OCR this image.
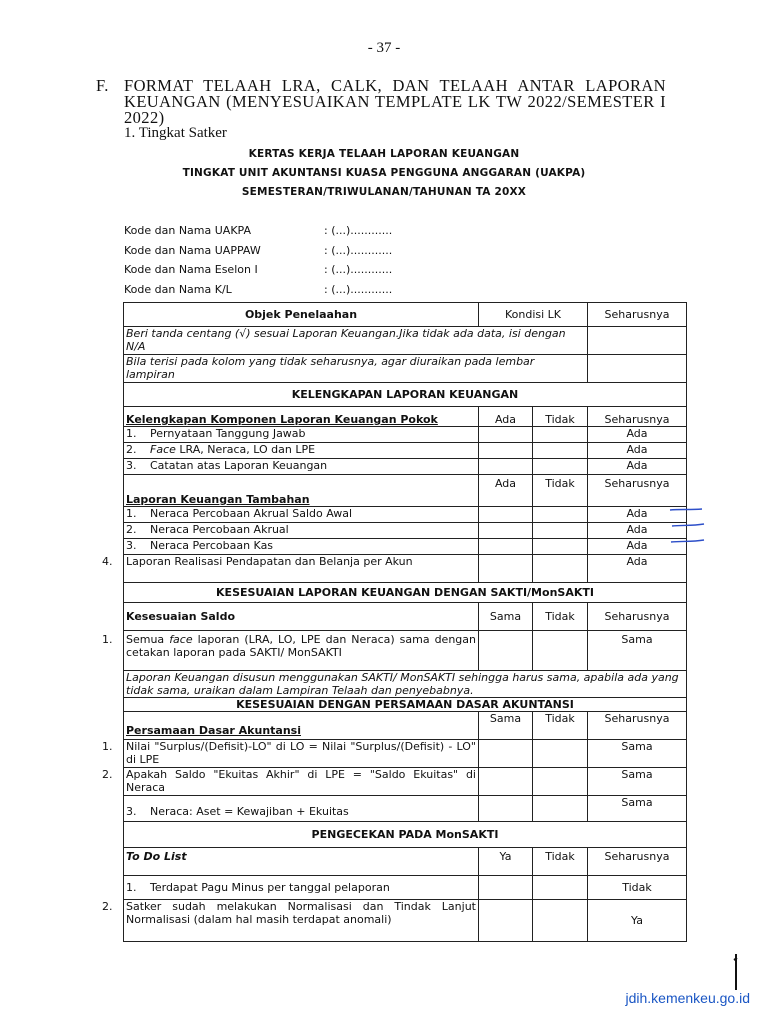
- 37 -
F. FORMAT TELAAH LRA, CALK, DAN TELAAH ANTAR LAPORAN
KEUANGAN (MENYESUAIKAN TEMPLATE LK TW 2022/SEMESTER I
2022)
1. Tingkat Satker
KERTAS KERJA TELAAH LAPORAN KEUANGAN
TINGKAT UNIT AKUNTANSI KUASA PENGGUNA ANGGARAN (UAKPA)
SEMESTERAN/TRIWULANAN/TAHUNAN TA 20XX
Kode dan Nama UAKPA	: (...)............
Kode dan Nama UAPPAW	: (...)............
Kode dan Nama Eselon I	: (...)............
Kode dan Nama K/L	: (...)............
Objek Penelaahan	Kondisi LK		Seharusnya
Beri tanda centang (√) sesuai Laporan Keuangan.Jika tidak ada data, isi dengan N/A			
Bila terisi pada kolom yang tidak seharusnya, agar diuraikan pada lembar lampiran			
KELENGKAPAN LAPORAN KEUANGAN			
Kelengkapan Komponen Laporan Keuangan Pokok	Ada	Tidak	Seharusnya
1. Pernyataan Tanggung Jawab			Ada
2. Face LRA, Neraca, LO dan LPE			Ada
3. Catatan atas Laporan Keuangan			Ada
Laporan Keuangan Tambahan	Ada	Tidak	Seharusnya
1. Neraca Percobaan Akrual Saldo Awal			Ada
2. Neraca Percobaan Akrual			Ada
3. Neraca Percobaan Kas			Ada
4. Laporan Realisasi Pendapatan dan Belanja per Akun			Ada
KESESUAIAN LAPORAN KEUANGAN DENGAN SAKTI/MonSAKTI			
Kesesuaian Saldo	Sama	Tidak	Seharusnya
1. Semua face laporan (LRA, LO, LPE dan Neraca) sama dengan cetakan laporan pada SAKTI/ MonSAKTI			Sama
Laporan Keuangan disusun menggunakan SAKTI/ MonSAKTI sehingga harus sama, apabila ada yang tidak sama, uraikan dalam Lampiran Telaah dan penyebabnya.			
KESESUAIAN DENGAN PERSAMAAN DASAR AKUNTANSI			
Persamaan Dasar Akuntansi	Sama	Tidak	Seharusnya
1. Nilai "Surplus/(Defisit)-LO" di LO = Nilai "Surplus/(Defisit) - LO" di LPE			Sama
2. Apakah Saldo "Ekuitas Akhir" di LPE = "Saldo Ekuitas" di Neraca			Sama
3. Neraca: Aset = Kewajiban + Ekuitas			Sama
PENGECEKAN PADA MonSAKTI			
To Do List	Ya	Tidak	Seharusnya
1. Terdapat Pagu Minus per tanggal pelaporan			Tidak
2. Satker sudah melakukan Normalisasi dan Tindak Lanjut Normalisasi (dalam hal masih terdapat anomali)			Ya
jdih.kemenkeu.go.id
